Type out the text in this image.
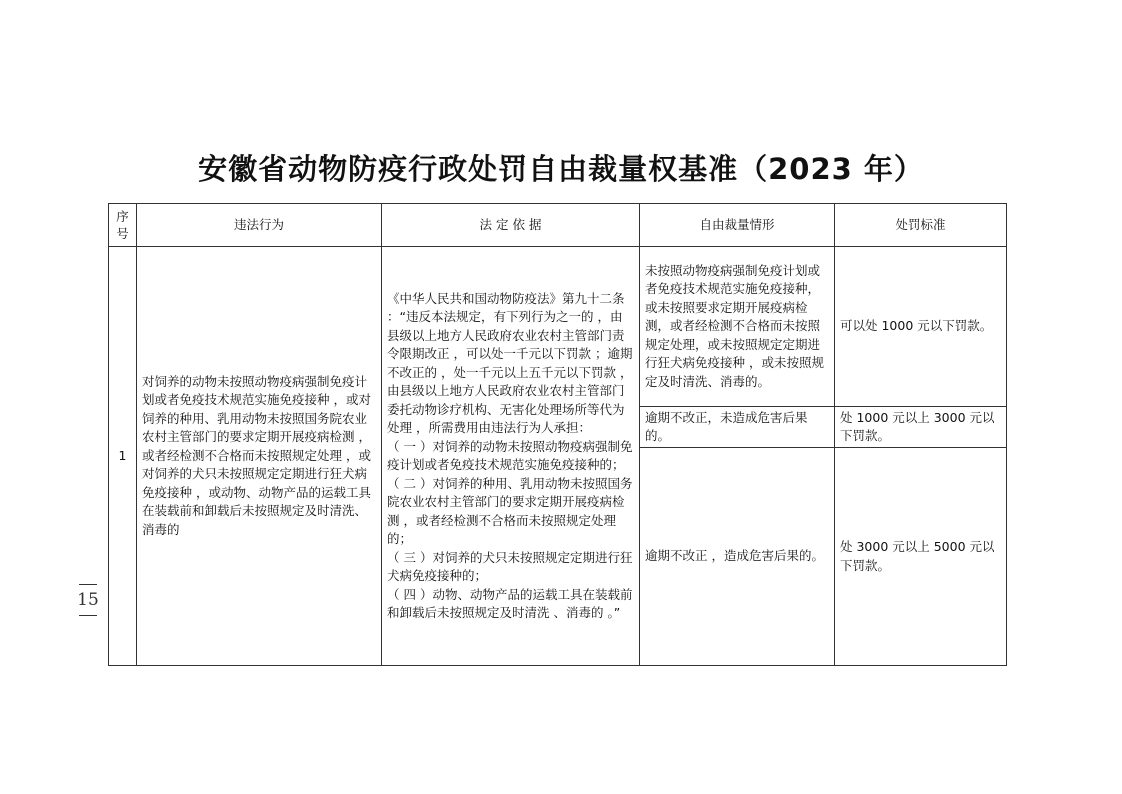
安徽省动物防疫行政处罚自由裁量权基准（2023 年）
序
号	违法行为	法 定 依 据	自由裁量情形	处罚标准
1	对饲养的动物未按照动物疫病强制免疫计划或者免疫技术规范实施免疫接种 ，或对饲养的种用、乳用动物未按照国务院农业农村主管部门的要求定期开展疫病检测 ，或者经检测不合格而未按照规定处理 ，或对饲养的犬只未按照规定定期进行狂犬病免疫接种 ，或动物、动物产品的运载工具在装载前和卸载后未按照规定及时清洗、消毒的	《中华人民共和国动物防疫法》第九十二条 ：“违反本法规定，有下列行为之一的 ，由县级以上地方人民政府农业农村主管部门责令限期改正 ，可以处一千元以下罚款 ；逾期不改正的 ，处一千元以上五千元以下罚款 ，由县级以上地方人民政府农业农村主管部门委托动物诊疗机构、无害化处理场所等代为处理 ，所需费用由违法行为人承担：
（ 一 ）对饲养的动物未按照动物疫病强制免疫计划或者免疫技术规范实施免疫接种的；
（ 二 ）对饲养的种用、乳用动物未按照国务院农业农村主管部门的要求定期开展疫病检测 ，或者经检测不合格而未按照规定处理的；
（ 三 ）对饲养的犬只未按照规定定期进行狂犬病免疫接种的；
（ 四 ）动物、动物产品的运载工具在装载前和卸载后未按照规定及时清洗 、消毒的 。”	未按照动物疫病强制免疫计划或者免疫技术规范实施免疫接种，或未按照要求定期开展疫病检测，或者经检测不合格而未按照规定处理，或未按照规定定期进行狂犬病免疫接种 ，或未按照规定及时清洗、消毒的。	可以处 1000 元以下罚款。

			逾期不改正，未造成危害后果的。	处 1000 元以上 3000 元以下罚款。

			逾期不改正 ，造成危害后果的。	处 3000 元以上 5000 元以下罚款。
15
